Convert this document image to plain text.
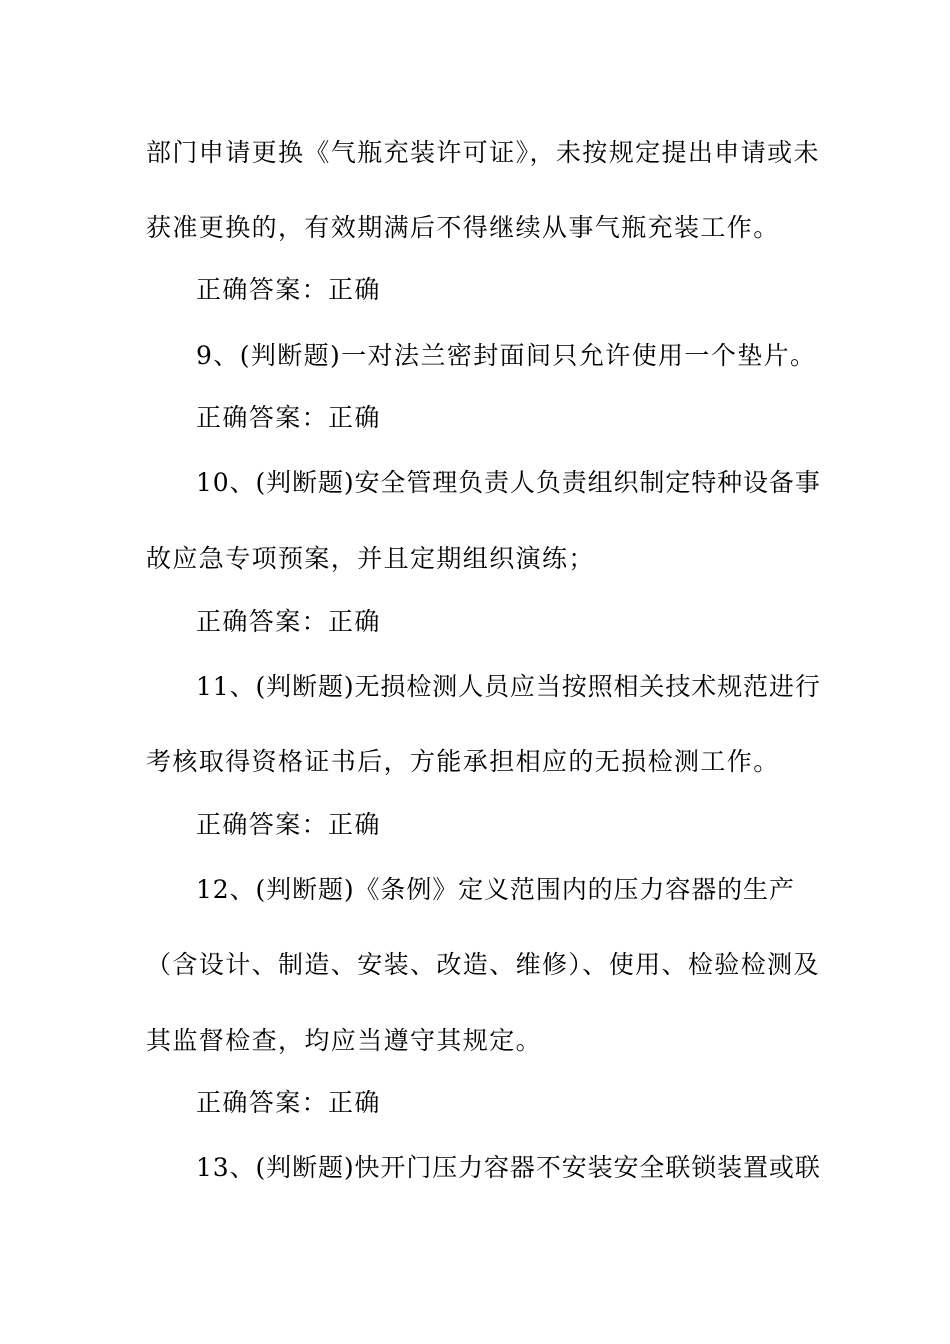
部门申请更换《气瓶充装许可证》，未按规定提出申请或未
获准更换的，有效期满后不得继续从事气瓶充装工作。
正确答案：正确
9、(判断题)一对法兰密封面间只允许使用一个垫片。
正确答案：正确
10、(判断题)安全管理负责人负责组织制定特种设备事
故应急专项预案，并且定期组织演练；
正确答案：正确
11、(判断题)无损检测人员应当按照相关技术规范进行
考核取得资格证书后，方能承担相应的无损检测工作。
正确答案：正确
12、(判断题)《条例》定义范围内的压力容器的生产
（含设计、制造、安装、改造、维修）、使用、检验检测及
其监督检查，均应当遵守其规定。
正确答案：正确
13、(判断题)快开门压力容器不安装安全联锁装置或联
